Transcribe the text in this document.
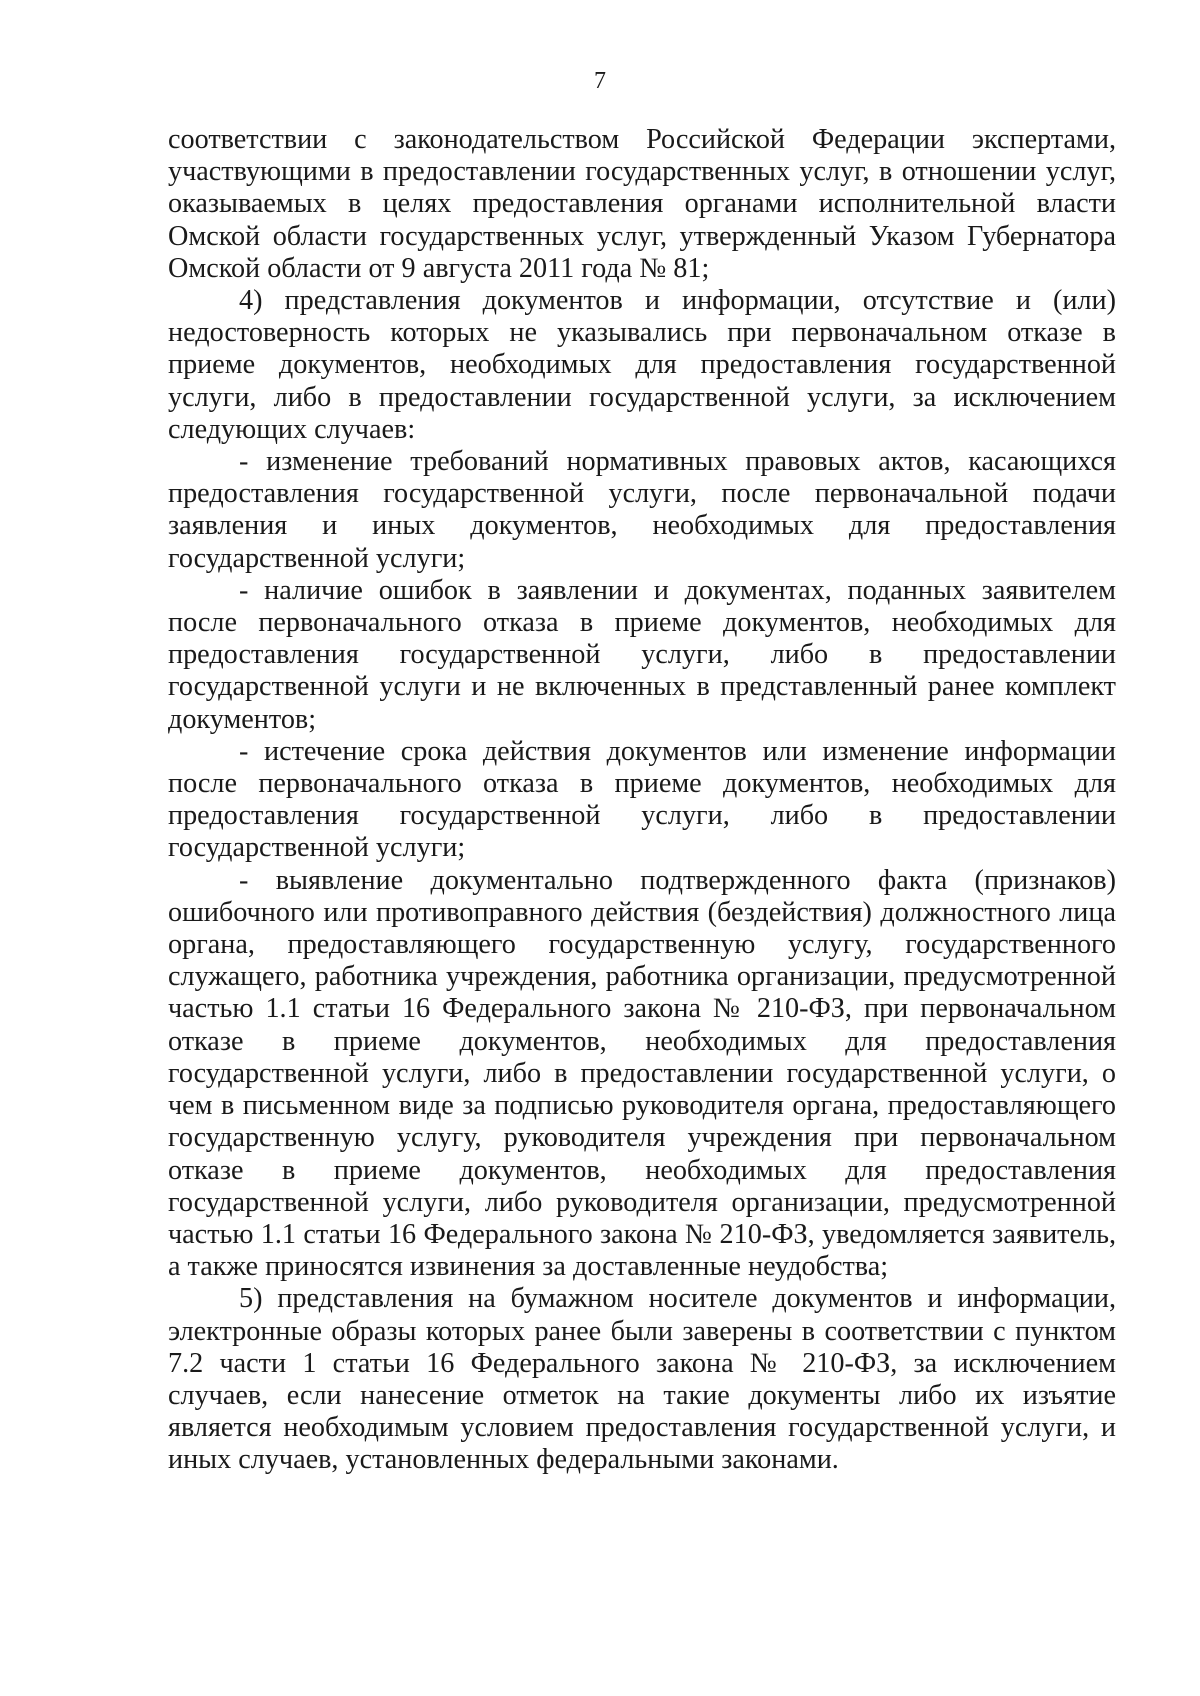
7

соответствии с законодательством Российской Федерации экспертами, участвующими в предоставлении государственных услуг, в отношении услуг, оказываемых в целях предоставления органами исполнительной власти Омской области государственных услуг, утвержденный Указом Губернатора Омской области от 9 августа 2011 года № 81;

4) представления документов и информации, отсутствие и (или) недостоверность которых не указывались при первоначальном отказе в приеме документов, необходимых для предоставления государственной услуги, либо в предоставлении государственной услуги, за исключением следующих случаев:

- изменение требований нормативных правовых актов, касающихся предоставления государственной услуги, после первоначальной подачи заявления и иных документов, необходимых для предоставления государственной услуги;

- наличие ошибок в заявлении и документах, поданных заявителем после первоначального отказа в приеме документов, необходимых для предоставления государственной услуги, либо в предоставлении государственной услуги и не включенных в представленный ранее комплект документов;

- истечение срока действия документов или изменение информации после первоначального отказа в приеме документов, необходимых для предоставления государственной услуги, либо в предоставлении государственной услуги;

- выявление документально подтвержденного факта (признаков) ошибочного или противоправного действия (бездействия) должностного лица органа, предоставляющего государственную услугу, государственного служащего, работника учреждения, работника организации, предусмотренной частью 1.1 статьи 16 Федерального закона № 210-ФЗ, при первоначальном отказе в приеме документов, необходимых для предоставления государственной услуги, либо в предоставлении государственной услуги, о чем в письменном виде за подписью руководителя органа, предоставляющего государственную услугу, руководителя учреждения при первоначальном отказе в приеме документов, необходимых для предоставления государственной услуги, либо руководителя организации, предусмотренной частью 1.1 статьи 16 Федерального закона № 210-ФЗ, уведомляется заявитель, а также приносятся извинения за доставленные неудобства;

5) представления на бумажном носителе документов и информации, электронные образы которых ранее были заверены в соответствии с пунктом 7.2 части 1 статьи 16 Федерального закона № 210-ФЗ, за исключением случаев, если нанесение отметок на такие документы либо их изъятие является необходимым условием предоставления государственной услуги, и иных случаев, установленных федеральными законами.
